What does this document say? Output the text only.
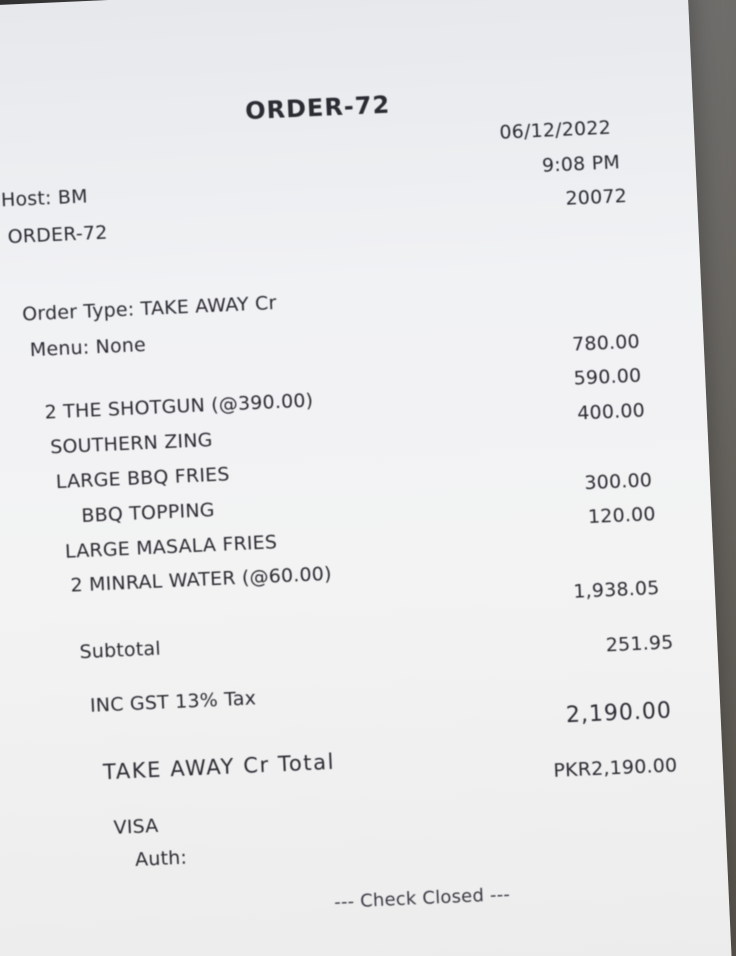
ORDER-72
06/12/2022
9:08 PM
Host: BM	20072
ORDER-72
Order Type: TAKE AWAY Cr
Menu: None
2 THE SHOTGUN (@390.00)
780.00
SOUTHERN ZING
590.00
LARGE BBQ FRIES
400.00
BBQ TOPPING
LARGE MASALA FRIES
300.00
2 MINRAL WATER (@60.00)
120.00
Subtotal
1,938.05
INC GST 13% Tax
251.95
TAKE AWAY Cr Total
2,190.00
VISA
PKR2,190.00
Auth:
--- Check Closed ---
